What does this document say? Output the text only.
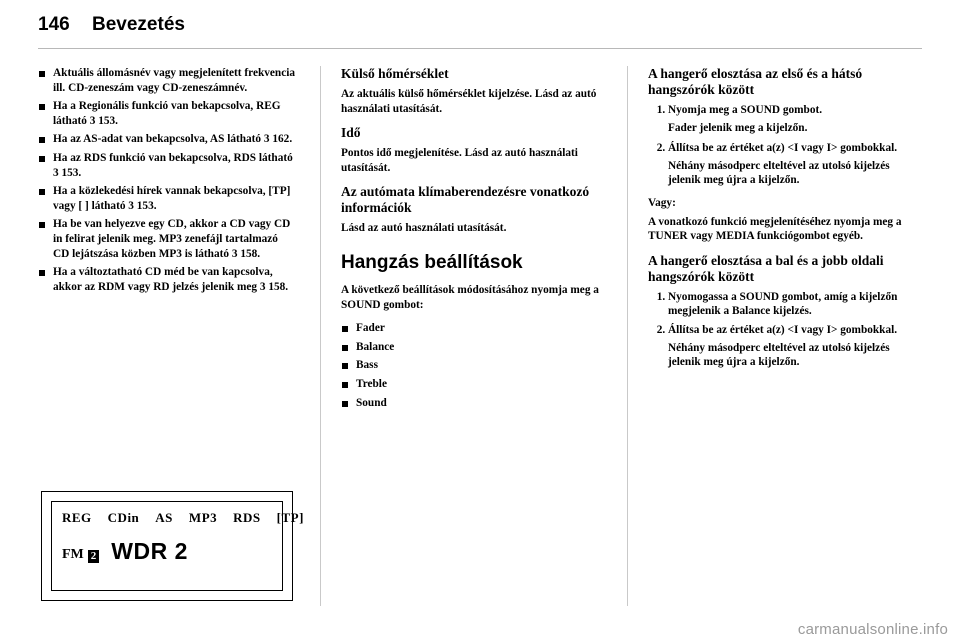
146 Bevezetés
Aktuális állomásnév vagy megjelenített frekvencia ill. CD-zeneszám vagy CD-zeneszámnév.
Ha a Regionális funkció van bekapcsolva, REG látható 3 153.
Ha az AS-adat van bekapcsolva, AS látható 3 162.
Ha az RDS funkció van bekapcsolva, RDS látható 3 153.
Ha a közlekedési hírek vannak bekapcsolva, [TP] vagy [ ] látható 3 153.
Ha be van helyezve egy CD, akkor a CD vagy CD in felirat jelenik meg. MP3 zenefájl tartalmazó CD lejátszása közben MP3 is látható 3 158.
Ha a változtatható CD méd be van kapcsolva, akkor az RDM vagy RD jelzés jelenik meg 3 158.
REG CDin AS MP3 RDS [TP]
FM 2 WDR 2
Külső hőmérséklet

Az aktuális külső hőmérséklet kijelzése. Lásd az autó használati utasítását.

Idő

Pontos idő megjelenítése. Lásd az autó használati utasítását.

Az autómata klímaberendezésre vonatkozó információk

Lásd az autó használati utasítását.

Hangzás beállítások

A következő beállítások módosításához nyomja meg a SOUND gombot:

Fader
Balance
Bass
Treble
Sound
A hangerő elosztása az első és a hátsó hangszórók között
1. Nyomja meg a SOUND gombot.

Fader jelenik meg a kijelzőn.

2. Állítsa be az értéket a(z) <I vagy I> gombokkal.

Néhány másodperc elteltével az utolsó kijelzés jelenik meg újra a kijelzőn.

Vagy:

A vonatkozó funkció megjelenítéséhez nyomja meg a TUNER vagy MEDIA funkciógombot egyéb.

A hangerő elosztása a bal és a jobb oldali hangszórók között
1. Nyomogassa a SOUND gombot, amíg a kijelzőn megjelenik a Balance kijelzés.
2. Állítsa be az értéket a(z) <I vagy I> gombokkal.

Néhány másodperc elteltével az utolsó kijelzés jelenik meg újra a kijelzőn.

carmanualsonline.info
